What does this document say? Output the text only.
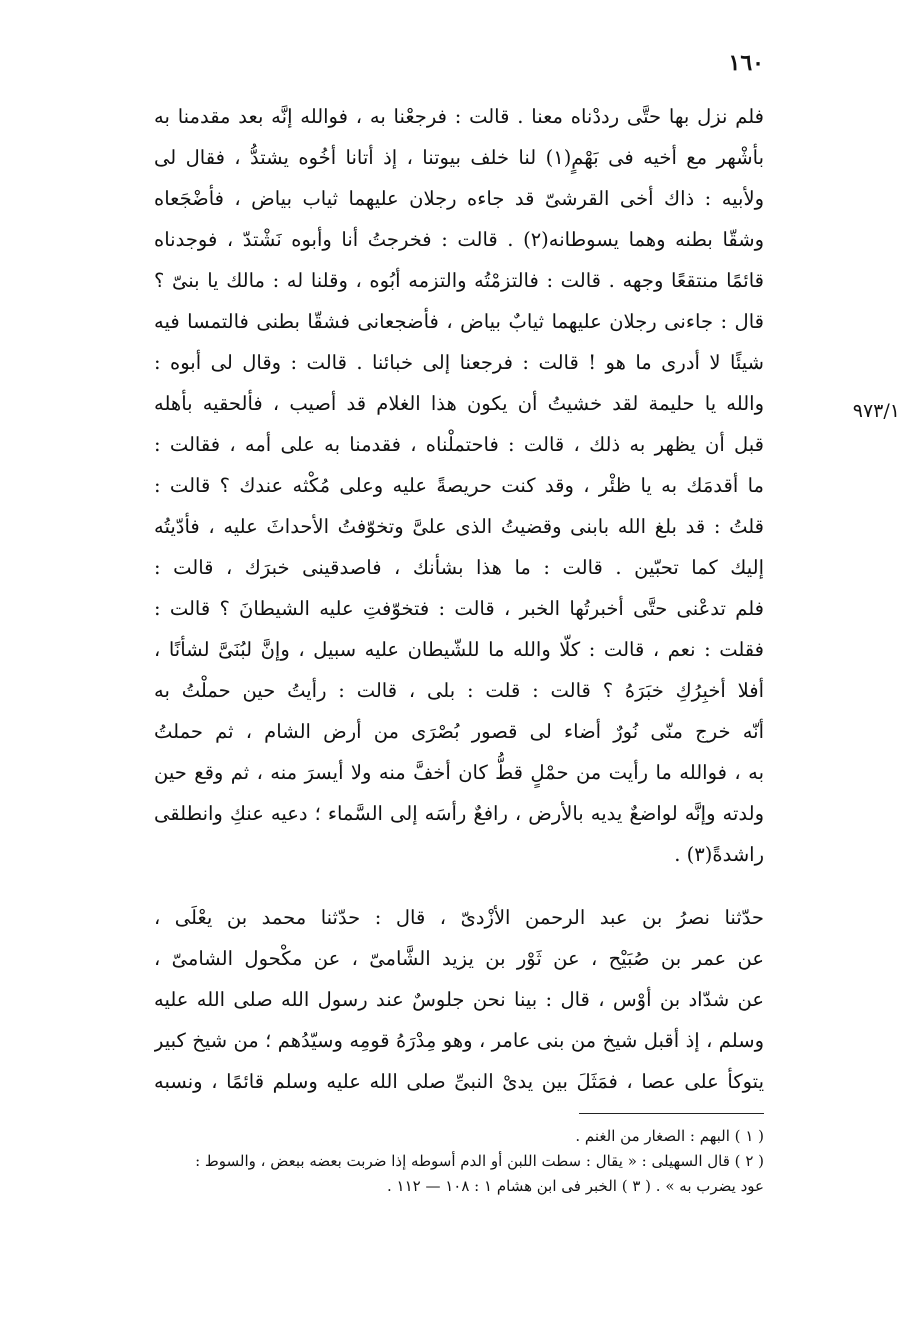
١٦٠
٩٧٣/١
فلم نزل بها حتَّى رددْناه معنا . قالت : فرجعْنا به ، فوالله إنَّه بعد مقدمنا به
بأشْهر مع أخيه فى بَهْمٍ(١) لنا خلف بيوتنا ، إذ أتانا أخُوه يشتدُّ ، فقال لى
ولأبيه : ذاك أخى القرشىّ قد جاءه رجلان عليهما ثياب بياض ، فأضْجَعاه
وشقّا بطنه وهما يسوطانه(٢) . قالت : فخرجتُ أنا وأبوه نَشْتدّ ، فوجدناه
قائمًا منتقعًا وجهه . قالت : فالتزمْتُه والتزمه أبُوه ، وقلنا له : مالك يا بنىّ ؟
قال : جاءنى رجلان عليهما ثيابٌ بياض ، فأضجعانى فشقّا بطنى فالتمسا فيه
شيئًا لا أدرى ما هو ! قالت : فرجعنا إلى خبائنا . قالت : وقال لى أبوه :
والله يا حليمة لقد خشيتُ أن يكون هذا الغلام قد أصيب ، فألحقيه بأهله
قبل أن يظهر به ذلك ، قالت : فاحتملْناه ، فقدمنا به على أمه ، فقالت :
ما أقدمَك به يا ظئْر ، وقد كنت حريصةً عليه وعلى مُكْثه عندك ؟ قالت :
قلتُ : قد بلغ الله بابنى وقضيتُ الذى علىَّ وتخوّفتُ الأحداثَ عليه ، فأدّيتُه
إليك كما تحبّين . قالت : ما هذا بشأنك ، فاصدقينى خبرَك ، قالت :
فلم تدعْنى حتَّى أخبرتُها الخبر ، قالت : فتخوّفتِ عليه الشيطانَ ؟ قالت :
فقلت : نعم ، قالت : كلّا والله ما للشّيطان عليه سبيل ، وإنَّ لبُنَىَّ لشأنًا ،
أفلا أخبِرُكِ خبَرَهُ ؟ قالت : قلت : بلى ، قالت : رأيتُ حين حملْتُ به
أنّه خرج منّى نُورٌ أضاء لى قصور بُصْرَى من أرض الشام ، ثم حملتُ
به ، فوالله ما رأيت من حمْلٍ قطُّ كان أخفَّ منه ولا أيسرَ منه ، ثم وقع حين
ولدته وإنَّه لواضعٌ يديه بالأرض ، رافعٌ رأسَه إلى السَّماء ؛ دعيه عنكِ وانطلقى
راشدةً(٣) .
حدّثنا نصرُ بن عبد الرحمن الأزْدىّ ، قال : حدّثنا محمد بن يعْلَى ،
عن عمر بن صُبَيْح ، عن ثَوْر بن يزيد الشَّامىّ ، عن مكْحول الشامىّ ،
عن شدّاد بن أوْس ، قال : بينا نحن جلوسٌ عند رسول الله صلى الله عليه
وسلم ، إذ أقبل شيخ من بنى عامر ، وهو مِدْرَهُ قومِه وسيّدُهم ؛ من شيخ كبير
يتوكأ على عصا ، فمَثَلَ بين يدىْ النبىِّ صلى الله عليه وسلم قائمًا ، ونسبه
( ١ ) البهم : الصغار من الغنم .
( ٢ ) قال السهيلى : « يقال : سطت اللبن أو الدم أسوطه إذا ضربت بعضه ببعض ، والسوط :
عود يضرب به » . ( ٣ ) الخبر فى ابن هشام ١ : ١٠٨ — ١١٢ .
